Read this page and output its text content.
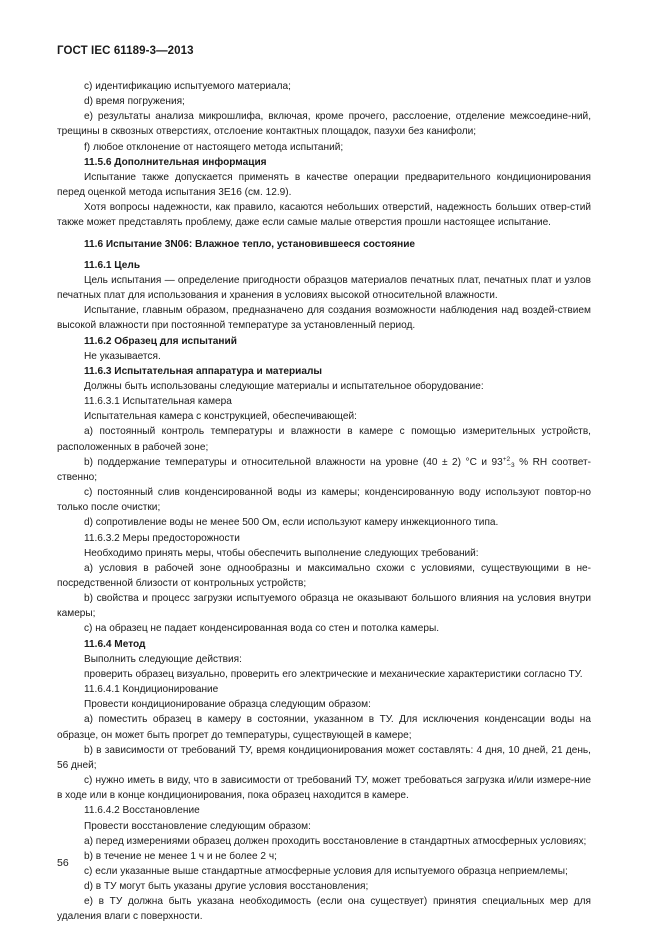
ГОСТ IEC 61189-3—2013

c) идентификацию испытуемого материала;

d) время погружения;

e) результаты анализа микрошлифа, включая, кроме прочего, расслоение, отделение межсоедине-ний, трещины в сквозных отверстиях, отслоение контактных площадок, пазухи без канифоли;

f) любое отклонение от настоящего метода испытаний;

11.5.6 Дополнительная информация

Испытание также допускается применять в качестве операции предварительного кондиционирования перед оценкой метода испытания 3Е16 (см. 12.9).

Хотя вопросы надежности, как правило, касаются небольших отверстий, надежность больших отвер-стий также может представлять проблему, даже если самые малые отверстия прошли настоящее испытание.

11.6 Испытание 3N06: Влажное тепло, установившееся состояние

11.6.1 Цель

Цель испытания — определение пригодности образцов материалов печатных плат, печатных плат и узлов печатных плат для использования и хранения в условиях высокой относительной влажности.

Испытание, главным образом, предназначено для создания возможности наблюдения над воздей-ствием высокой влажности при постоянной температуре за установленный период.

11.6.2 Образец для испытаний

Не указывается.

11.6.3 Испытательная аппаратура и материалы

Должны быть использованы следующие материалы и испытательное оборудование:

11.6.3.1 Испытательная камера

Испытательная камера с конструкцией, обеспечивающей:

a) постоянный контроль температуры и влажности в камере с помощью измерительных устройств, расположенных в рабочей зоне;

b) поддержание температуры и относительной влажности на уровне (40 ± 2) °С и $93^{+2}_{-3}$ % RH соответ-ственно;

c) постоянный слив конденсированной воды из камеры; конденсированную воду используют повтор-но только после очистки;

d) сопротивление воды не менее 500 Ом, если используют камеру инжекционного типа.

11.6.3.2 Меры предосторожности

Необходимо принять меры, чтобы обеспечить выполнение следующих требований:

a) условия в рабочей зоне однообразны и максимально схожи с условиями, существующими в не-посредственной близости от контрольных устройств;

b) свойства и процесс загрузки испытуемого образца не оказывают большого влияния на условия внутри камеры;

c) на образец не падает конденсированная вода со стен и потолка камеры.

11.6.4 Метод

Выполнить следующие действия:

проверить образец визуально, проверить его электрические и механические характеристики согласно ТУ.

11.6.4.1 Кондиционирование

Провести кондиционирование образца следующим образом:

a) поместить образец в камеру в состоянии, указанном в ТУ. Для исключения конденсации воды на образце, он может быть прогрет до температуры, существующей в камере;

b) в зависимости от требований ТУ, время кондиционирования может составлять: 4 дня, 10 дней, 21 день, 56 дней;

c) нужно иметь в виду, что в зависимости от требований ТУ, может требоваться загрузка и/или измере-ние в ходе или в конце кондиционирования, пока образец находится в камере.

11.6.4.2 Восстановление

Провести восстановление следующим образом:

a) перед измерениями образец должен проходить восстановление в стандартных атмосферных условиях;

b) в течение не менее 1 ч и не более 2 ч;

c) если указанные выше стандартные атмосферные условия для испытуемого образца неприемлемы;

d) в ТУ могут быть указаны другие условия восстановления;

e) в ТУ должна быть указана необходимость (если она существует) принятия специальных мер для удаления влаги с поверхности.

56
